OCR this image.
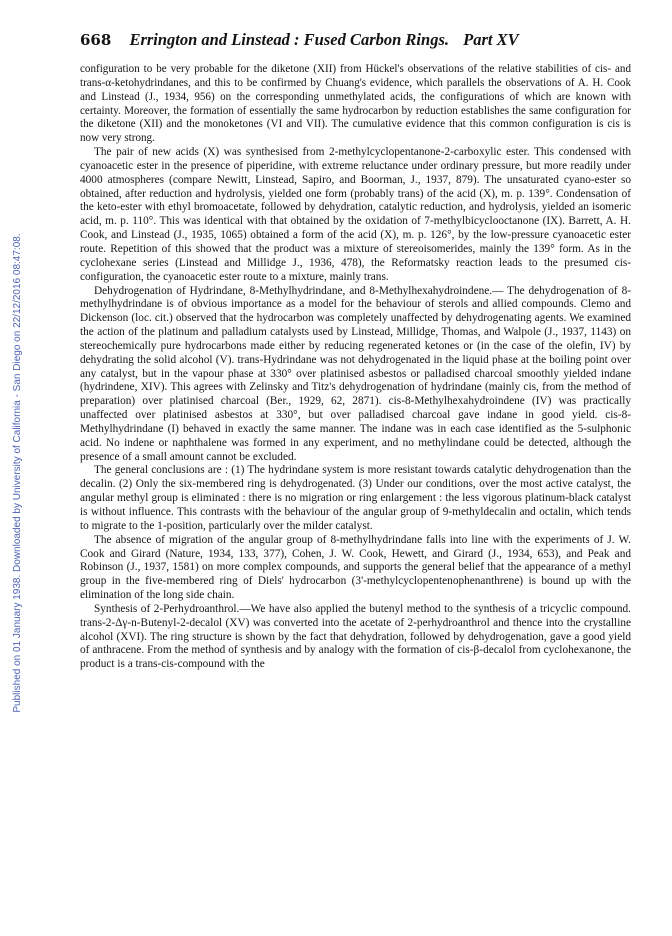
Published on 01 January 1938. Downloaded by University of California - San Diego on 22/12/2016 08:47:08.
668 Errington and Linstead : Fused Carbon Rings. Part XV

configuration to be very probable for the diketone (XII) from Hückel's observations of the relative stabilities of cis- and trans-α-ketohydrindanes, and this to be confirmed by Chuang's evidence, which parallels the observations of A. H. Cook and Linstead (J., 1934, 956) on the corresponding unmethylated acids, the configurations of which are known with certainty. Moreover, the formation of essentially the same hydrocarbon by reduction establishes the same configuration for the diketone (XII) and the monoketones (VI and VII). The cumulative evidence that this common configuration is cis is now very strong.

The pair of new acids (X) was synthesised from 2-methylcyclopentanone-2-carboxylic ester. This condensed with cyanoacetic ester in the presence of piperidine, with extreme reluctance under ordinary pressure, but more readily under 4000 atmospheres (compare Newitt, Linstead, Sapiro, and Boorman, J., 1937, 879). The unsaturated cyano-ester so obtained, after reduction and hydrolysis, yielded one form (probably trans) of the acid (X), m. p. 139°. Condensation of the keto-ester with ethyl bromoacetate, followed by dehydration, catalytic reduction, and hydrolysis, yielded an isomeric acid, m. p. 110°. This was identical with that obtained by the oxidation of 7-methylbicyclooctanone (IX). Barrett, A. H. Cook, and Linstead (J., 1935, 1065) obtained a form of the acid (X), m. p. 126°, by the low-pressure cyanoacetic ester route. Repetition of this showed that the product was a mixture of stereoisomerides, mainly the 139° form. As in the cyclohexane series (Linstead and Millidge J., 1936, 478), the Reformatsky reaction leads to the presumed cis-configuration, the cyanoacetic ester route to a mixture, mainly trans.

Dehydrogenation of Hydrindane, 8-Methylhydrindane, and 8-Methylhexahydroindene.— The dehydrogenation of 8-methylhydrindane is of obvious importance as a model for the behaviour of sterols and allied compounds. Clemo and Dickenson (loc. cit.) observed that the hydrocarbon was completely unaffected by dehydrogenating agents. We examined the action of the platinum and palladium catalysts used by Linstead, Millidge, Thomas, and Walpole (J., 1937, 1143) on stereochemically pure hydrocarbons made either by reducing regenerated ketones or (in the case of the olefin, IV) by dehydrating the solid alcohol (V). trans-Hydrindane was not dehydrogenated in the liquid phase at the boiling point over any catalyst, but in the vapour phase at 330° over platinised asbestos or palladised charcoal smoothly yielded indane (hydrindene, XIV). This agrees with Zelinsky and Titz's dehydrogenation of hydrindane (mainly cis, from the method of preparation) over platinised charcoal (Ber., 1929, 62, 2871). cis-8-Methylhexahydroindene (IV) was practically unaffected over platinised asbestos at 330°, but over palladised charcoal gave indane in good yield. cis-8-Methylhydrindane (I) behaved in exactly the same manner. The indane was in each case identified as the 5-sulphonic acid. No indene or naphthalene was formed in any experiment, and no methylindane could be detected, although the presence of a small amount cannot be excluded.

The general conclusions are : (1) The hydrindane system is more resistant towards catalytic dehydrogenation than the decalin. (2) Only the six-membered ring is dehydrogenated. (3) Under our conditions, over the most active catalyst, the angular methyl group is eliminated : there is no migration or ring enlargement : the less vigorous platinum-black catalyst is without influence. This contrasts with the behaviour of the angular group of 9-methyldecalin and octalin, which tends to migrate to the 1-position, particularly over the milder catalyst.

The absence of migration of the angular group of 8-methylhydrindane falls into line with the experiments of J. W. Cook and Girard (Nature, 1934, 133, 377), Cohen, J. W. Cook, Hewett, and Girard (J., 1934, 653), and Peak and Robinson (J., 1937, 1581) on more complex compounds, and supports the general belief that the appearance of a methyl group in the five-membered ring of Diels' hydrocarbon (3'-methylcyclopentenophenanthrene) is bound up with the elimination of the long side chain.

Synthesis of 2-Perhydroanthrol.—We have also applied the butenyl method to the synthesis of a tricyclic compound. trans-2-Δγ-n-Butenyl-2-decalol (XV) was converted into the acetate of 2-perhydroanthrol and thence into the crystalline alcohol (XVI). The ring structure is shown by the fact that dehydration, followed by dehydrogenation, gave a good yield of anthracene. From the method of synthesis and by analogy with the formation of cis-β-decalol from cyclohexanone, the product is a trans-cis-compound with the
